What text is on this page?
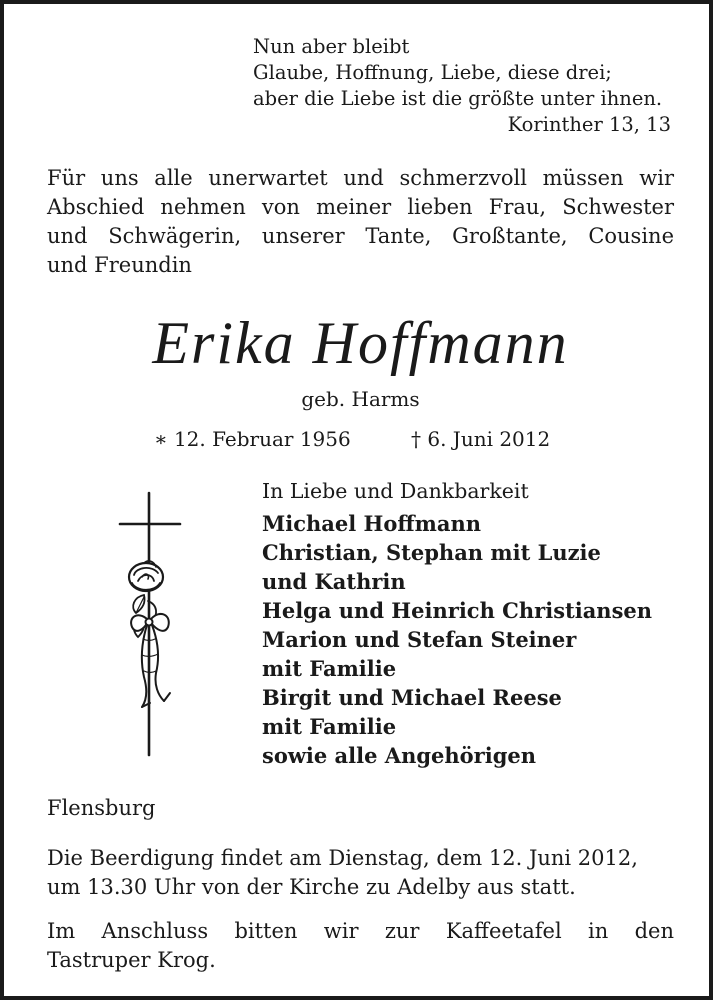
Nun aber bleibt
Glaube, Hoffnung, Liebe, diese drei;
aber die Liebe ist die größte unter ihnen.
Korinther 13, 13
Für uns alle unerwartet und schmerzvoll müssen wir
Abschied nehmen von meiner lieben Frau, Schwester
und Schwägerin, unserer Tante, Großtante, Cousine
und Freundin
Erika Hoffmann
geb. Harms
∗ 12. Februar 1956	† 6. Juni 2012
In Liebe und Dankbarkeit
Michael Hoffmann
Christian, Stephan mit Luzie
und Kathrin
Helga und Heinrich Christiansen
Marion und Stefan Steiner
mit Familie
Birgit und Michael Reese
mit Familie
sowie alle Angehörigen
Flensburg
Die Beerdigung findet am Dienstag, dem 12. Juni 2012,
um 13.30 Uhr von der Kirche zu Adelby aus statt.
Im Anschluss bitten wir zur Kaffeetafel in den
Tastruper Krog.
